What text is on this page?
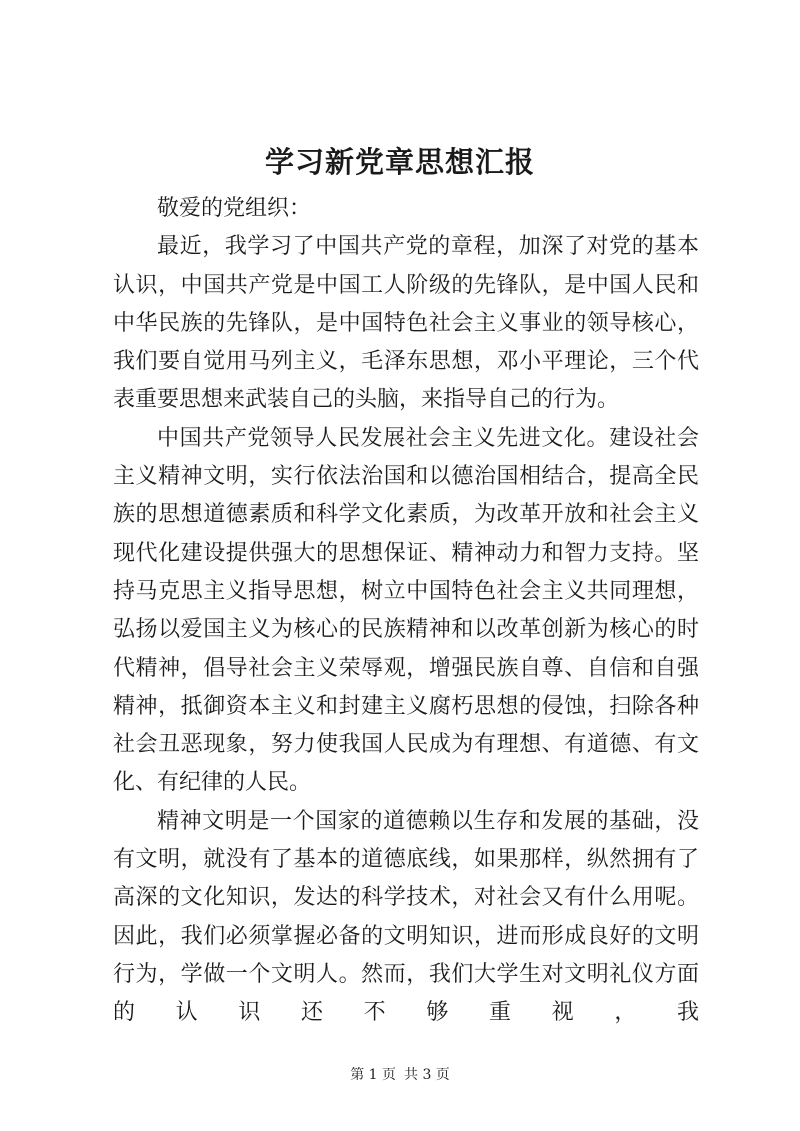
学习新党章思想汇报

敬爱的党组织：

最近，我学习了中国共产党的章程，加深了对党的基本认识，中国共产党是中国工人阶级的先锋队，是中国人民和中华民族的先锋队，是中国特色社会主义事业的领导核心，我们要自觉用马列主义，毛泽东思想，邓小平理论，三个代表重要思想来武装自己的头脑，来指导自己的行为。

中国共产党领导人民发展社会主义先进文化。建设社会主义精神文明，实行依法治国和以德治国相结合，提高全民族的思想道德素质和科学文化素质，为改革开放和社会主义现代化建设提供强大的思想保证、精神动力和智力支持。坚持马克思主义指导思想，树立中国特色社会主义共同理想，弘扬以爱国主义为核心的民族精神和以改革创新为核心的时代精神，倡导社会主义荣辱观，增强民族自尊、自信和自强精神，抵御资本主义和封建主义腐朽思想的侵蚀，扫除各种社会丑恶现象，努力使我国人民成为有理想、有道德、有文化、有纪律的人民。

精神文明是一个国家的道德赖以生存和发展的基础，没有文明，就没有了基本的道德底线，如果那样，纵然拥有了高深的文化知识，发达的科学技术，对社会又有什么用呢。因此，我们必须掌握必备的文明知识，进而形成良好的文明行为，学做一个文明人。然而，我们大学生对文明礼仪方面的认识还不够重视，我

第 1 页 共 3 页
